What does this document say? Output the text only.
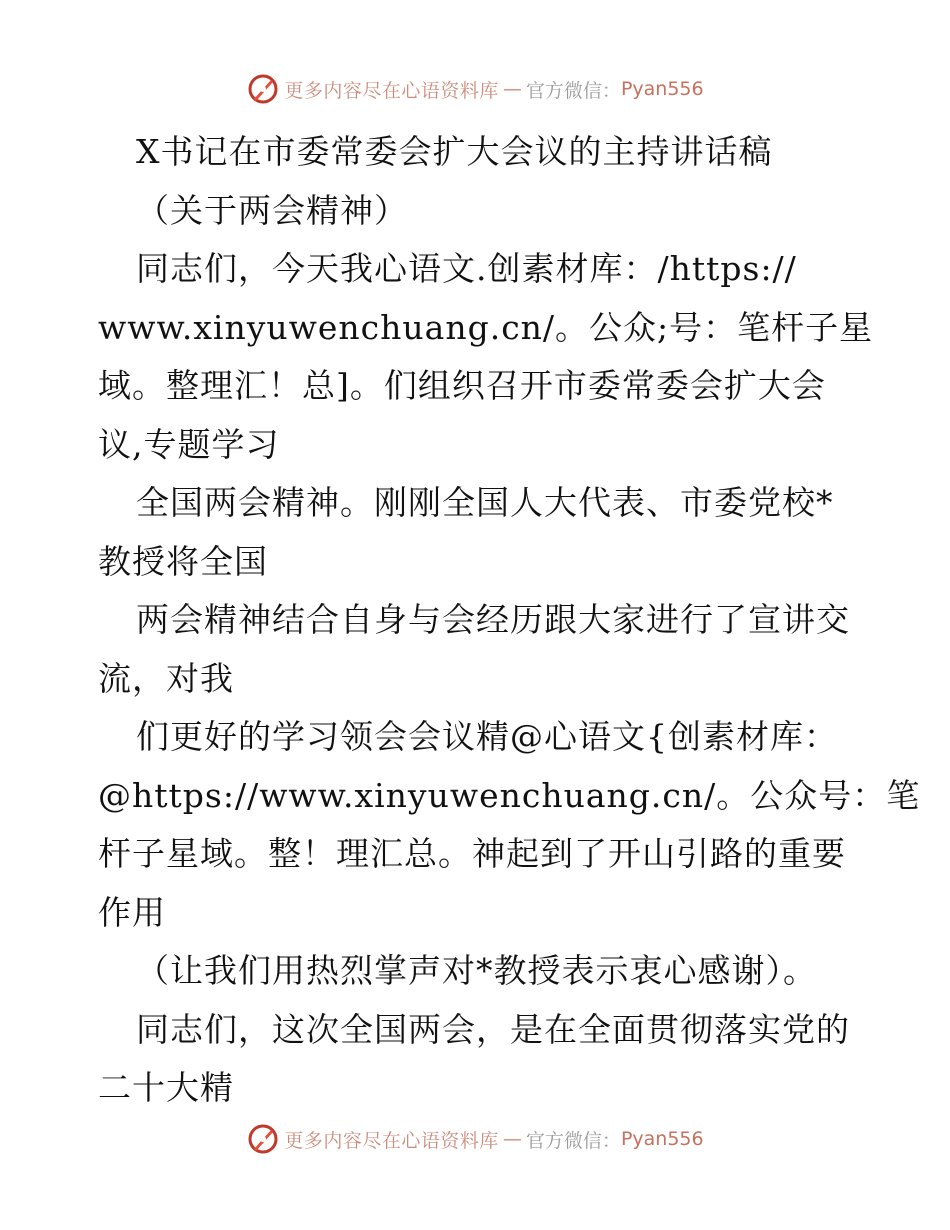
更多内容尽在心语资料库 — 官方微信： Pyan556
X书记在市委常委会扩大会议的主持讲话稿
（关于两会精神）
同志们，今天我心语文.创素材库：/https://
www.xinyuwenchuang.cn/。公众;号：笔杆子星
域。整理汇！总]。们组织召开市委常委会扩大会
议,专题学习
全国两会精神。刚刚全国人大代表、市委党校*
教授将全国
两会精神结合自身与会经历跟大家进行了宣讲交
流，对我
们更好的学习领会会议精@心语文{创素材库：
@https://www.xinyuwenchuang.cn/。公众号：笔
杆子星域。整！理汇总。神起到了开山引路的重要
作用
（让我们用热烈掌声对*教授表示衷心感谢）。
同志们，这次全国两会，是在全面贯彻落实党的
二十大精
更多内容尽在心语资料库 — 官方微信： Pyan556
